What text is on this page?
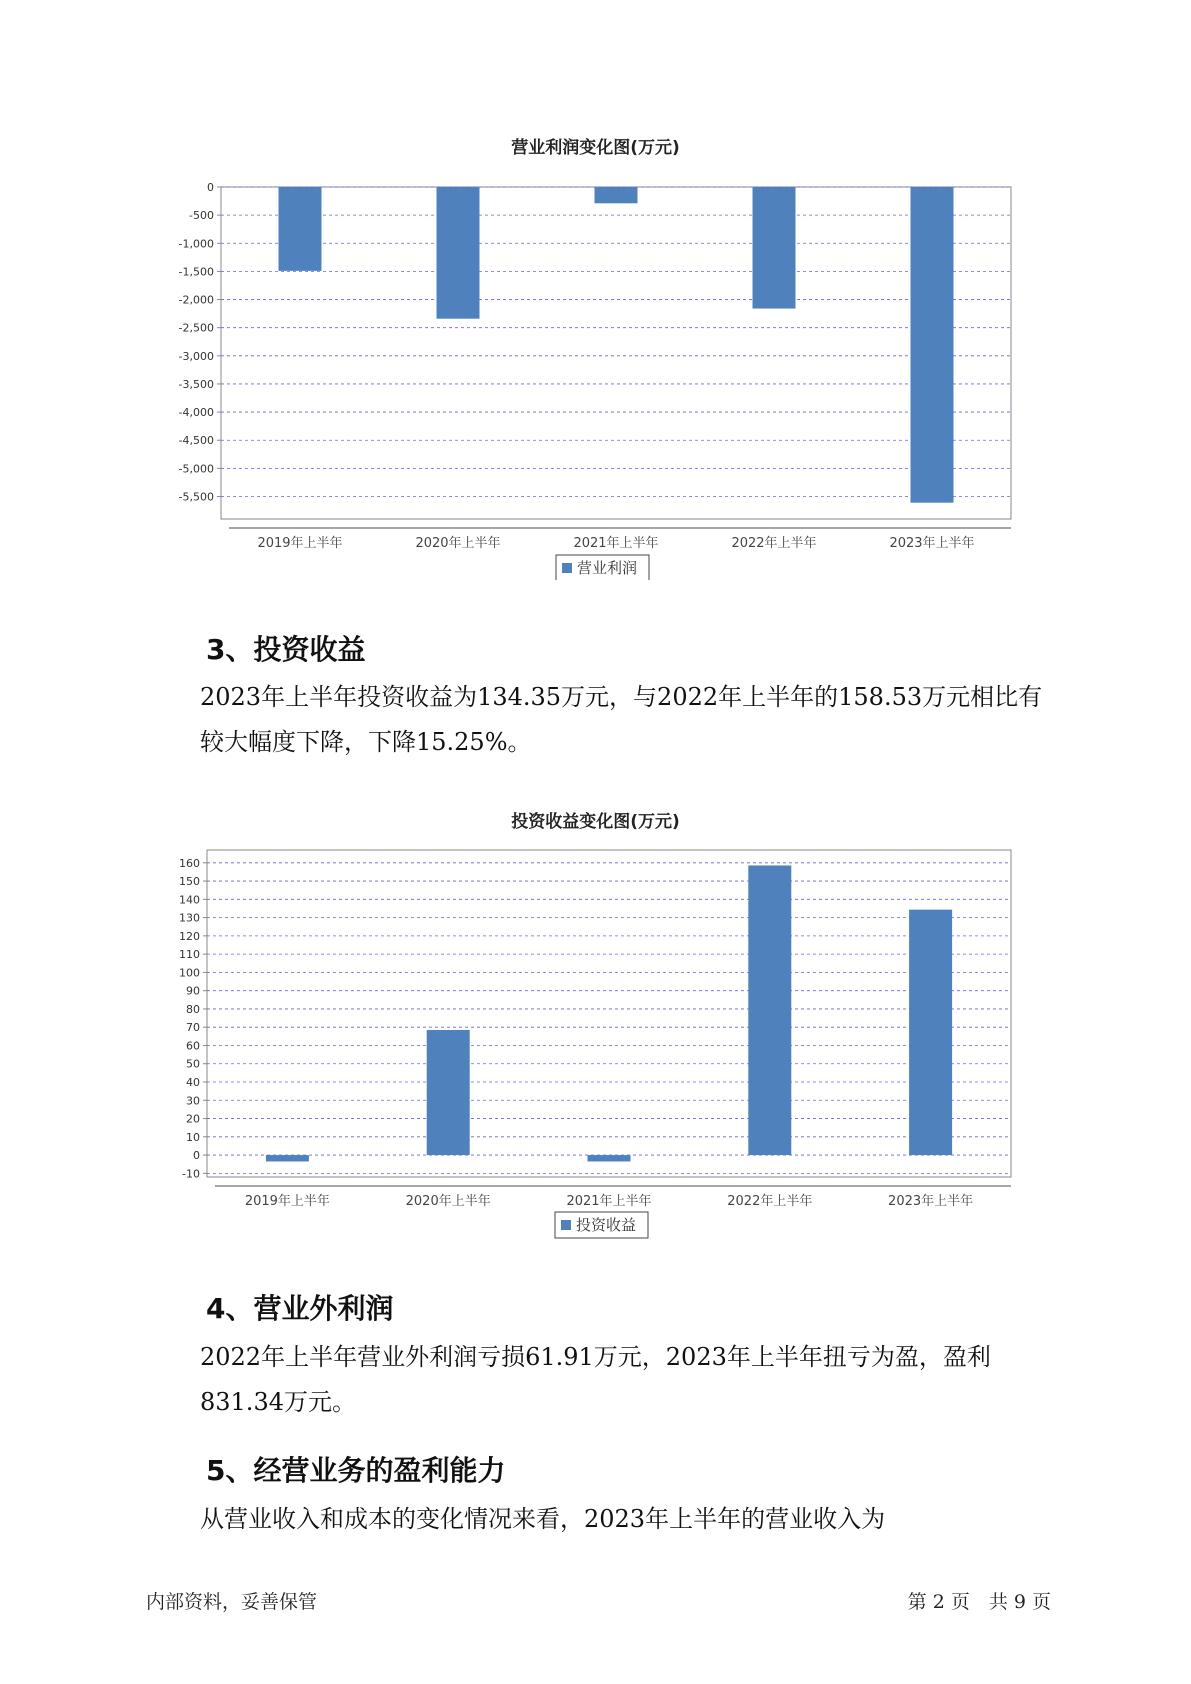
营业利润变化图(万元)
0
-500
-1,000
-1,500
-2,000
-2,500
-3,000
-3,500
-4,000
-4,500
-5,000
-5,500
2019年上半年	2020年上半年	2021年上半年	2022年上半年	2023年上半年
营业利润
3、投资收益

2023年上半年投资收益为134.35万元，与2022年上半年的158.53万元相比有较大幅度下降，下降15.25%。

投资收益变化图(万元)
160
150
140
130
120
110
100
90
80
70
60
50
40
30
20
10
0
-10
2019年上半年	2020年上半年	2021年上半年	2022年上半年	2023年上半年
投资收益
4、营业外利润

2022年上半年营业外利润亏损61.91万元，2023年上半年扭亏为盈，盈利831.34万元。

5、经营业务的盈利能力

从营业收入和成本的变化情况来看，2023年上半年的营业收入为

内部资料，妥善保管	第 2 页　共 9 页
